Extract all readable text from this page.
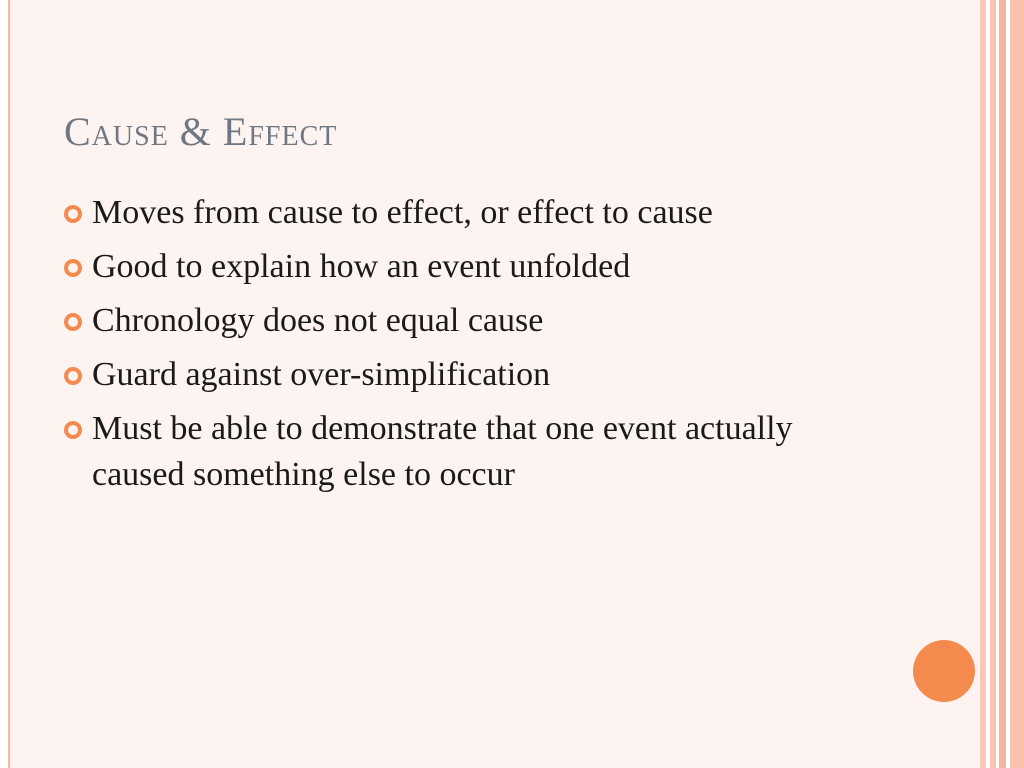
Cause & Effect
Moves from cause to effect, or effect to cause
Good to explain how an event unfolded
Chronology does not equal cause
Guard against over-simplification
Must be able to demonstrate that one event actually caused something else to occur
